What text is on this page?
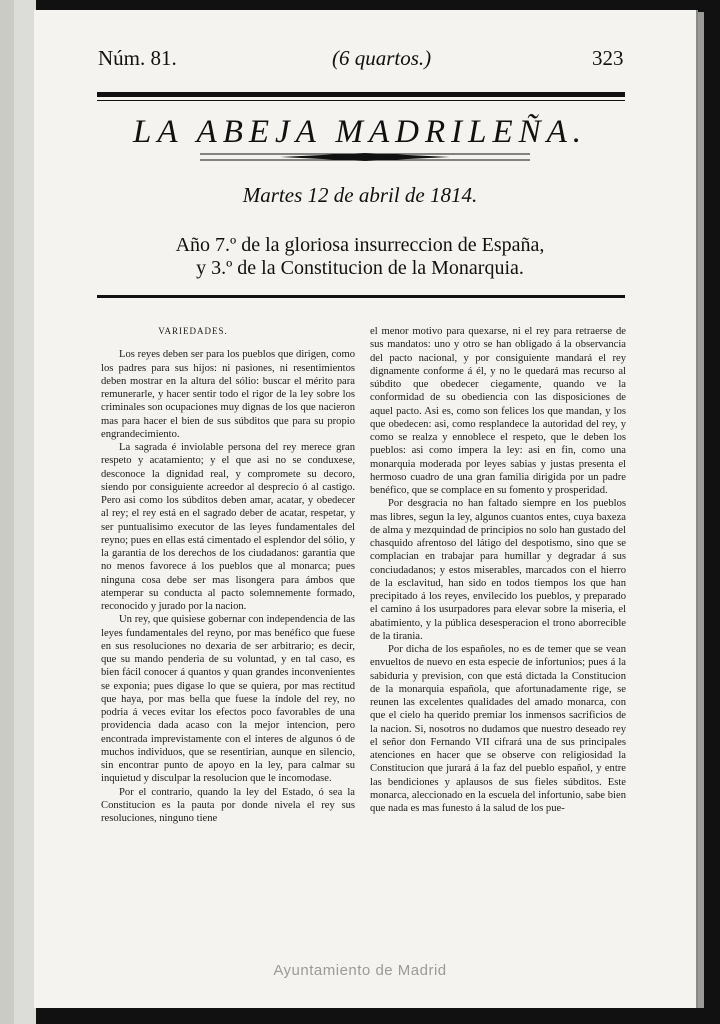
Núm. 81.	(6 quartos.)	323
LA ABEJA MADRILEÑA.
Martes 12 de abril de 1814.
Año 7.º de la gloriosa insurreccion de España,
y 3.º de la Constitucion de la Monarquia.

VARIEDADES.

Los reyes deben ser para los pueblos que dirigen, como los padres para sus hijos: ni pasiones, ni resentimientos deben mostrar en la altura del sólio: buscar el mérito para remunerarle, y hacer sentir todo el rigor de la ley sobre los criminales son ocupaciones muy dignas de los que nacieron mas para hacer el bien de sus súbditos que para su propio engrandecimiento.

La sagrada é inviolable persona del rey merece gran respeto y acatamiento; y el que asi no se conduxese, desconoce la dignidad real, y compromete su decoro, siendo por consiguiente acreedor al desprecio ó al castigo. Pero asi como los súbditos deben amar, acatar, y obedecer al rey; el rey está en el sagrado deber de acatar, respetar, y ser puntualisimo executor de las leyes fundamentales del reyno; pues en ellas está cimentado el esplendor del sólio, y la garantia de los derechos de los ciudadanos: garantia que no menos favorece á los pueblos que al monarca; pues ninguna cosa debe ser mas lisongera para ámbos que atemperar su conducta al pacto solemnemente formado, reconocido y jurado por la nacion.

Un rey, que quisiese gobernar con independencia de las leyes fundamentales del reyno, por mas benéfico que fuese en sus resoluciones no dexaria de ser arbitrario; es decir, que su mando penderia de su voluntad, y en tal caso, es bien fácil conocer á quantos y quan grandes inconvenientes se exponia; pues digase lo que se quiera, por mas rectitud que haya, por mas bella que fuese la índole del rey, no podria á veces evitar los efectos poco favorables de una providencia dada acaso con la mejor intencion, pero encontrada imprevistamente con el interes de algunos ó de muchos individuos, que se resentirian, aunque en silencio, sin encontrar punto de apoyo en la ley, para calmar su inquietud y disculpar la resolucion que le incomodase.

Por el contrario, quando la ley del Estado, ó sea la Constitucion es la pauta por donde nivela el rey sus resoluciones, ninguno tiene

el menor motivo para quexarse, ni el rey para retraerse de sus mandatos: uno y otro se han obligado á la observancia del pacto nacional, y por consiguiente mandará el rey dignamente conforme á él, y no le quedará mas recurso al súbdito que obedecer ciegamente, quando ve la conformidad de su obediencia con las disposiciones de aquel pacto. Asi es, como son felices los que mandan, y los que obedecen: asi, como resplandece la autoridad del rey, y como se realza y ennoblece el respeto, que le deben los pueblos: asi como impera la ley: asi en fin, como una monarquia moderada por leyes sabias y justas presenta el hermoso cuadro de una gran familia dirigida por un padre benéfico, que se complace en su fomento y prosperidad.

Por desgracia no han faltado siempre en los pueblos mas libres, segun la ley, algunos cuantos entes, cuya baxeza de alma y mezquindad de principios no solo han gustado del chasquido afrentoso del látigo del despotismo, sino que se complacian en trabajar para humillar y degradar á sus conciudadanos; y estos miserables, marcados con el hierro de la esclavitud, han sido en todos tiempos los que han precipitado á los reyes, envilecido los pueblos, y preparado el camino á los usurpadores para elevar sobre la miseria, el abatimiento, y la pública desesperacion el trono aborrecible de la tirania.

Por dicha de los españoles, no es de temer que se vean envueltos de nuevo en esta especie de infortunios; pues á la sabiduria y prevision, con que está dictada la Constitucion de la monarquia española, que afortunadamente rige, se reunen las excelentes qualidades del amado monarca, con que el cielo ha querido premiar los inmensos sacrificios de la nacion. Si, nosotros no dudamos que nuestro deseado rey el señor don Fernando VII cifrará una de sus principales atenciones en hacer que se observe con religiosidad la Constitucion que jurará á la faz del pueblo español, y entre las bendiciones y aplausos de sus fieles súbditos. Este monarca, aleccionado en la escuela del infortunio, sabe bien que nada es mas funesto á la salud de los pue-

Ayuntamiento de Madrid
